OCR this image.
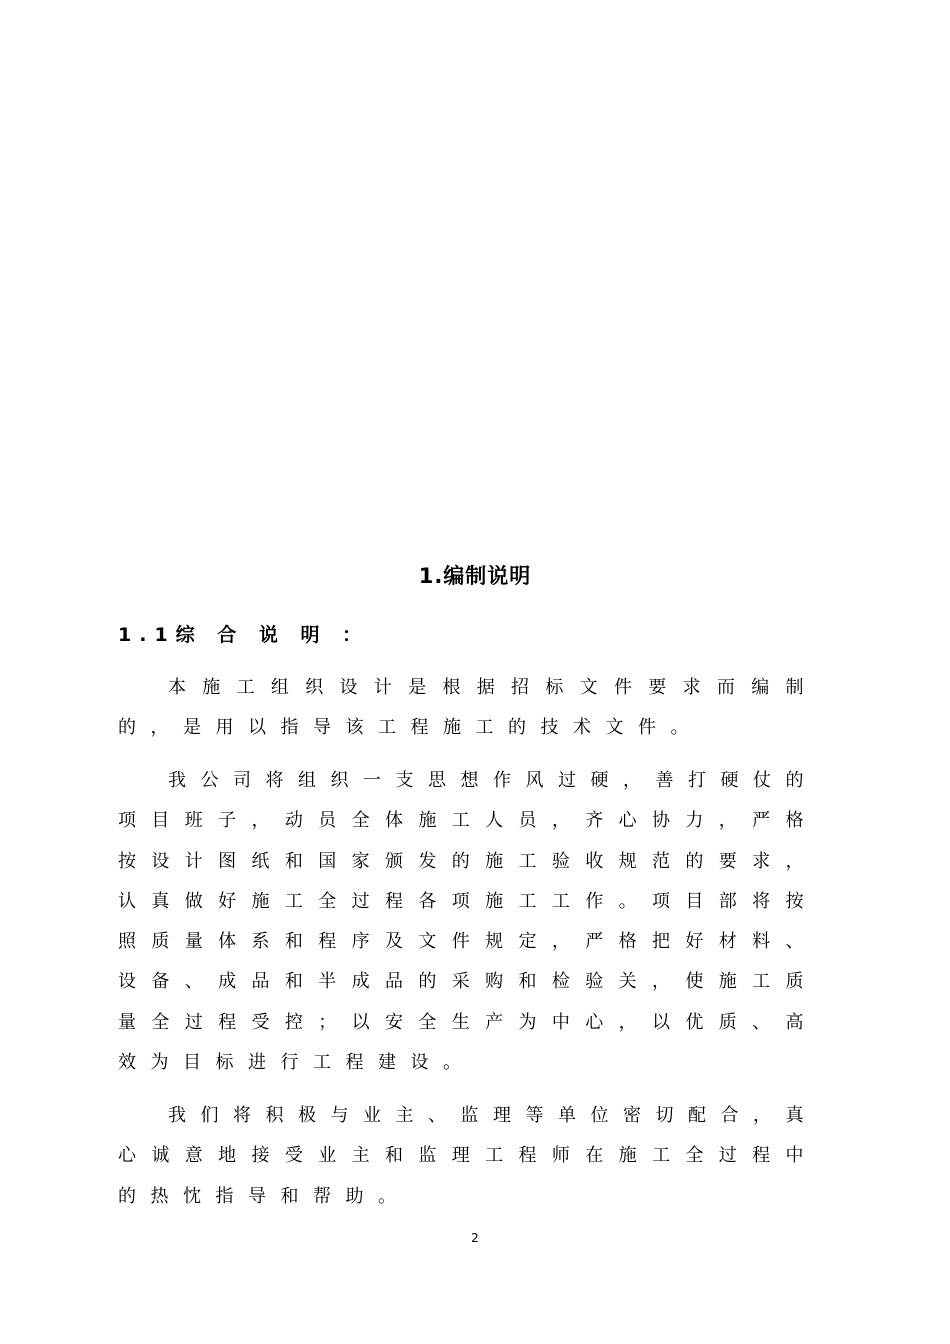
1.编制说明
1.1综 合 说 明 ：

本施工组织设计是根据招标文件要求而编制的，是用以指导该工程施工的技术文件。

我公司将组织一支思想作风过硬，善打硬仗的项目班子，动员全体施工人员，齐心协力，严格按设计图纸和国家颁发的施工验收规范的要求，认真做好施工全过程各项施工工作。项目部将按照质量体系和程序及文件规定，严格把好材料、设备、成品和半成品的采购和检验关，使施工质量全过程受控；以安全生产为中心，以优质、高效为目标进行工程建设。

我们将积极与业主、监理等单位密切配合，真心诚意地接受业主和监理工程师在施工全过程中的热忱指导和帮助。

2
